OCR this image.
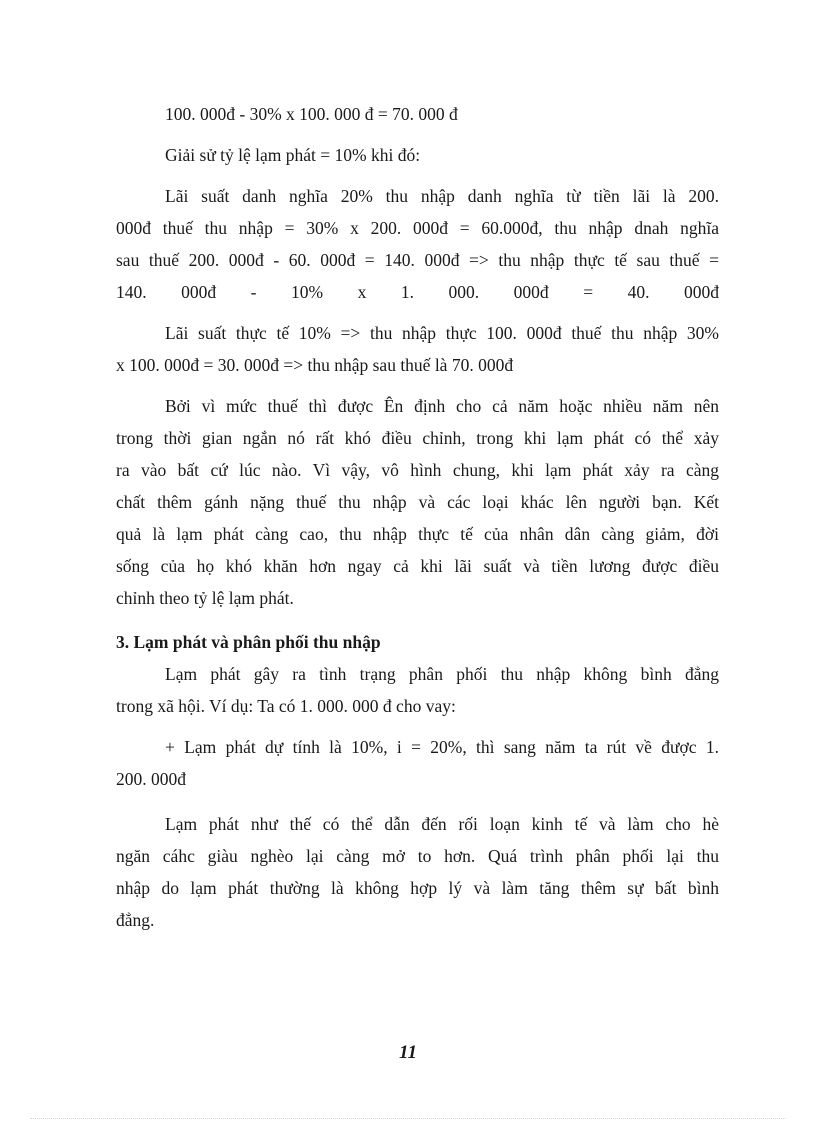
100. 000đ - 30% x 100. 000 đ = 70. 000 đ
Giải sử tỷ lệ lạm phát = 10% khi đó:
Lãi suất danh nghĩa 20% thu nhập danh nghĩa từ tiền lãi là 200.
000đ thuế thu nhập = 30% x 200. 000đ = 60.000đ, thu nhập dnah nghĩa
sau thuế 200. 000đ - 60. 000đ = 140. 000đ => thu nhập thực tế sau thuế =
140. 000đ - 10% x 1. 000. 000đ = 40. 000đ
Lãi suất thực tế 10% => thu nhập thực 100. 000đ thuế thu nhập 30%
x 100. 000đ = 30. 000đ => thu nhập sau thuế là 70. 000đ
Bởi vì mức thuế thì được Ên định cho cả năm hoặc nhiều năm nên
trong thời gian ngắn nó rất khó điều chỉnh, trong khi lạm phát có thể xảy
ra vào bất cứ lúc nào. Vì vậy, vô hình chung, khi lạm phát xảy ra càng
chất thêm gánh nặng thuế thu nhập và các loại khác lên người bạn. Kết
quả là lạm phát càng cao, thu nhập thực tế của nhân dân càng giảm, đời
sống của họ khó khăn hơn ngay cả khi lãi suất và tiền lương được điều
chỉnh theo tỷ lệ lạm phát.
3. Lạm phát và phân phối thu nhập
Lạm phát gây ra tình trạng phân phối thu nhập không bình đẳng
trong xã hội. Ví dụ: Ta có 1. 000. 000 đ cho vay:
+ Lạm phát dự tính là 10%, i = 20%, thì sang năm ta rút về được 1.
200. 000đ
Lạm phát như thế có thể dẫn đến rối loạn kinh tế và làm cho hè
ngăn cáhc giàu nghèo lại càng mở to hơn. Quá trình phân phối lại thu
nhập do lạm phát thường là không hợp lý và làm tăng thêm sự bất bình
đẳng.
11
